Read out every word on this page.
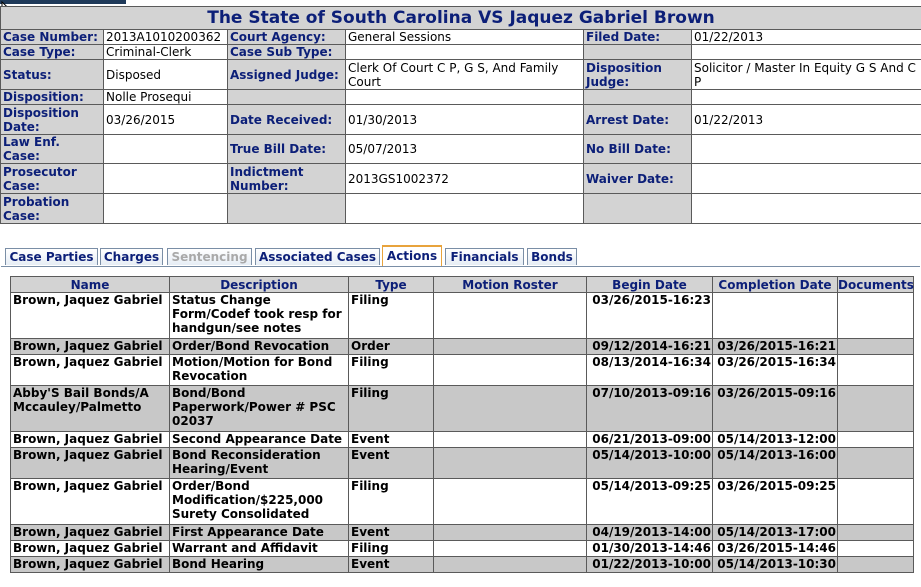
The State of South Carolina VS Jaquez Gabriel Brown					
Case Number:	2013A1010200362	Court Agency:	General Sessions	Filed Date:	01/22/2013
Case Type:	Criminal-Clerk	Case Sub Type:			
Status:	Disposed	Assigned Judge:	Clerk Of Court C P, G S, And Family Court	Disposition Judge:	Solicitor / Master In Equity G S And C P
Disposition:	Nolle Prosequi				
Disposition Date:	03/26/2015	Date Received:	01/30/2013	Arrest Date:	01/22/2013
Law Enf. Case:		True Bill Date:	05/07/2013	No Bill Date:	
Prosecutor Case:		Indictment Number:	2013GS1002372	Waiver Date:	
Probation Case:					
Case Parties Charges	Sentencing Associated Cases Actions	Financials	Bonds
Name	Description	Type	Motion Roster	Begin Date	Completion Date	Documents
Brown, Jaquez Gabriel	Status Change Form/Codef took resp for handgun/see notes	Filing		03/26/2015-16:23		
Brown, Jaquez Gabriel	Order/Bond Revocation	Order		09/12/2014-16:21	03/26/2015-16:21	
Brown, Jaquez Gabriel	Motion/Motion for Bond Revocation	Filing		08/13/2014-16:34	03/26/2015-16:34	
Abby'S Bail Bonds/A Mccauley/Palmetto	Bond/Bond Paperwork/Power # PSC 02037	Filing		07/10/2013-09:16	03/26/2015-09:16	
Brown, Jaquez Gabriel	Second Appearance Date	Event		06/21/2013-09:00	05/14/2013-12:00	
Brown, Jaquez Gabriel	Bond Reconsideration Hearing/Event	Event		05/14/2013-10:00	05/14/2013-16:00	
Brown, Jaquez Gabriel	Order/Bond Modification/$225,000 Surety Consolidated	Filing		05/14/2013-09:25	03/26/2015-09:25	
Brown, Jaquez Gabriel	First Appearance Date	Event		04/19/2013-14:00	05/14/2013-17:00	
Brown, Jaquez Gabriel	Warrant and Affidavit	Filing		01/30/2013-14:46	03/26/2015-14:46	
Brown, Jaquez Gabriel	Bond Hearing	Event		01/22/2013-10:00	05/14/2013-10:30	
